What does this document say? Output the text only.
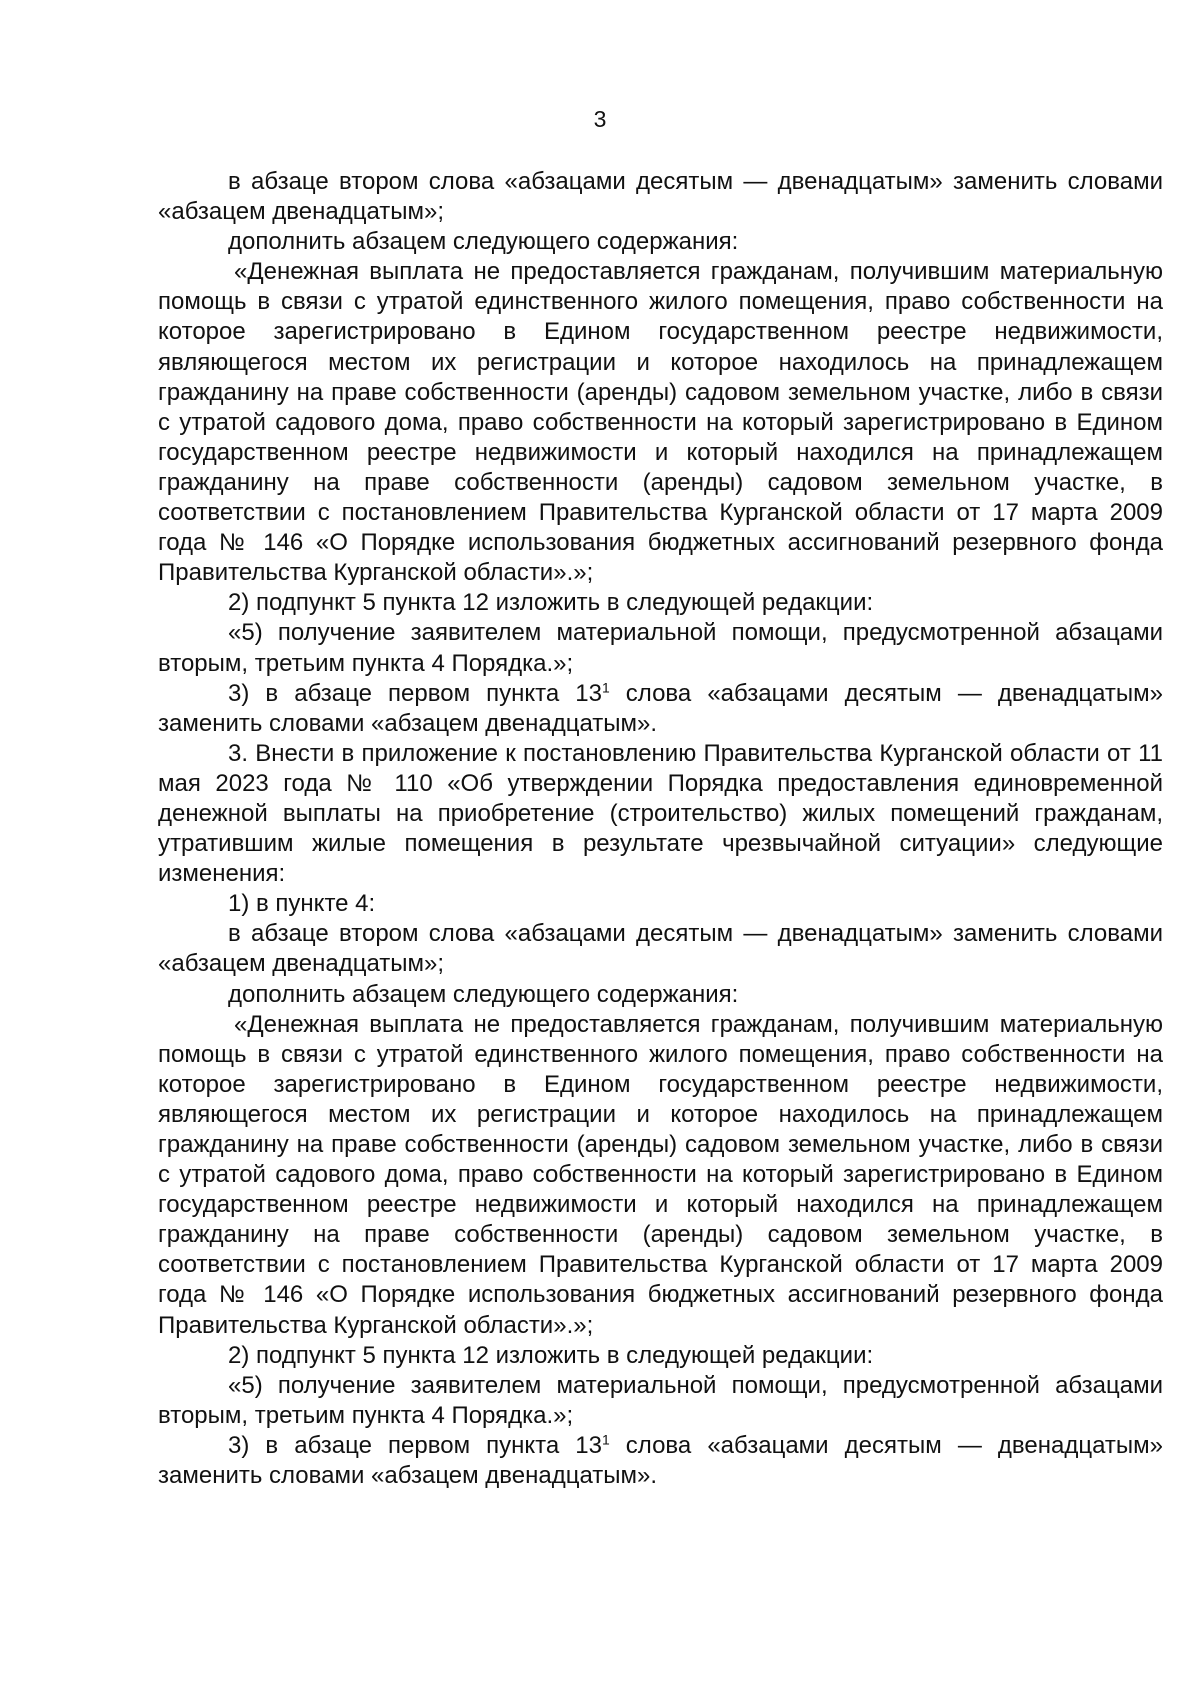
3

в абзаце втором слова «абзацами десятым — двенадцатым» заменить словами «абзацем двенадцатым»;

дополнить абзацем следующего содержания:

«Денежная выплата не предоставляется гражданам, получившим материальную помощь в связи с утратой единственного жилого помещения, право собственности на которое зарегистрировано в Едином государственном реестре недвижимости, являющегося местом их регистрации и которое находилось на принадлежащем гражданину на праве собственности (аренды) садовом земельном участке, либо в связи с утратой садового дома, право собственности на который зарегистрировано в Едином государственном реестре недвижимости и который находился на принадлежащем гражданину на праве собственности (аренды) садовом земельном участке, в соответствии с постановлением Правительства Курганской области от 17 марта 2009 года № 146 «О Порядке использования бюджетных ассигнований резервного фонда Правительства Курганской области».»;

2) подпункт 5 пункта 12 изложить в следующей редакции:

«5) получение заявителем материальной помощи, предусмотренной абзацами вторым, третьим пункта 4 Порядка.»;

3) в абзаце первом пункта $13^1$ слова «абзацами десятым — двенадцатым» заменить словами «абзацем двенадцатым».

3. Внести в приложение к постановлению Правительства Курганской области от 11 мая 2023 года № 110 «Об утверждении Порядка предоставления единовременной денежной выплаты на приобретение (строительство) жилых помещений гражданам, утратившим жилые помещения в результате чрезвычайной ситуации» следующие изменения:

1) в пункте 4:

в абзаце втором слова «абзацами десятым — двенадцатым» заменить словами «абзацем двенадцатым»;

дополнить абзацем следующего содержания:

«Денежная выплата не предоставляется гражданам, получившим материальную помощь в связи с утратой единственного жилого помещения, право собственности на которое зарегистрировано в Едином государственном реестре недвижимости, являющегося местом их регистрации и которое находилось на принадлежащем гражданину на праве собственности (аренды) садовом земельном участке, либо в связи с утратой садового дома, право собственности на который зарегистрировано в Едином государственном реестре недвижимости и который находился на принадлежащем гражданину на праве собственности (аренды) садовом земельном участке, в соответствии с постановлением Правительства Курганской области от 17 марта 2009 года № 146 «О Порядке использования бюджетных ассигнований резервного фонда Правительства Курганской области».»;

2) подпункт 5 пункта 12 изложить в следующей редакции:

«5) получение заявителем материальной помощи, предусмотренной абзацами вторым, третьим пункта 4 Порядка.»;

3) в абзаце первом пункта $13^1$ слова «абзацами десятым — двенадцатым» заменить словами «абзацем двенадцатым».
